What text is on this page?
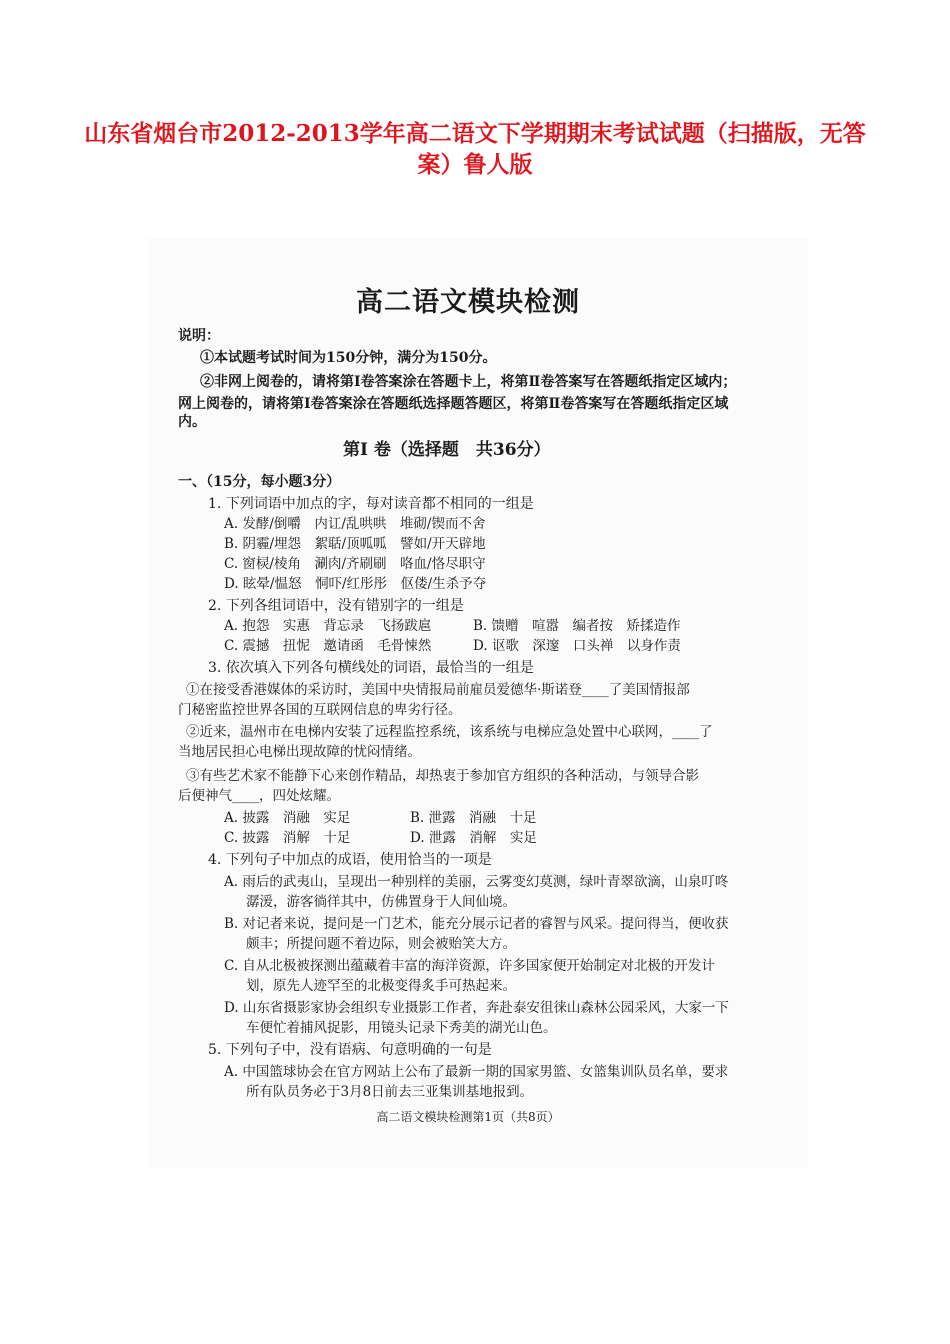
山东省烟台市2012-2013学年高二语文下学期期末考试试题（扫描版，无答案）鲁人版
高二语文模块检测
说明：
①本试题考试时间为150分钟，满分为150分。
②非网上阅卷的，请将第Ⅰ卷答案涂在答题卡上，将第Ⅱ卷答案写在答题纸指定区域内；
网上阅卷的，请将第Ⅰ卷答案涂在答题纸选择题答题区，将第Ⅱ卷答案写在答题纸指定区域
内。
第Ⅰ 卷（选择题　共36分）
一、（15分，每小题3分）
1. 下列词语中加点的字，每对读音都不相同的一组是
A. 发酵/倒嚼　内讧/乱哄哄　堆砌/锲而不舍
B. 阴霾/埋怨　絮聒/顶呱呱　譬如/开天辟地
C. 窗棂/棱角　涮肉/齐刷刷　咯血/恪尽职守
D. 眩晕/愠怒　恫吓/红彤彤　伛偻/生杀予夺
2. 下列各组词语中，没有错别字的一组是
A. 抱怨　实惠　背忘录　飞扬跋扈	B. 馈赠　喧嚣　编者按　矫揉造作
C. 震撼　扭怩　邀请函　毛骨悚然	D. 讴歌　深邃　口头禅　以身作责
3. 依次填入下列各句横线处的词语，最恰当的一组是
①在接受香港媒体的采访时，美国中央情报局前雇员爱德华·斯诺登____了美国情报部
门秘密监控世界各国的互联网信息的卑劣行径。
②近来，温州市在电梯内安装了远程监控系统，该系统与电梯应急处置中心联网，____了
当地居民担心电梯出现故障的忧闷情绪。
③有些艺术家不能静下心来创作精品，却热衷于参加官方组织的各种活动，与领导合影
后便神气____，四处炫耀。
A. 披露　消融　实足	B. 泄露　消融　十足
C. 披露　消解　十足	D. 泄露　消解　实足
4. 下列句子中加点的成语，使用恰当的一项是
A. 雨后的武夷山，呈现出一种别样的美丽，云雾变幻莫测，绿叶青翠欲滴，山泉叮咚
潺湲，游客徜徉其中，仿佛置身于人间仙境。
B. 对记者来说，提问是一门艺术，能充分展示记者的睿智与风采。提问得当，便收获
颇丰；所提问题不着边际，则会被贻笑大方。
C. 自从北极被探测出蕴藏着丰富的海洋资源，许多国家便开始制定对北极的开发计
划，原先人迹罕至的北极变得炙手可热起来。
D. 山东省摄影家协会组织专业摄影工作者，奔赴泰安徂徕山森林公园采风，大家一下
车便忙着捕风捉影，用镜头记录下秀美的湖光山色。
5. 下列句子中，没有语病、句意明确的一句是
A. 中国篮球协会在官方网站上公布了最新一期的国家男篮、女篮集训队员名单，要求
所有队员务必于3月8日前去三亚集训基地报到。
高二语文模块检测第1页（共8页）
